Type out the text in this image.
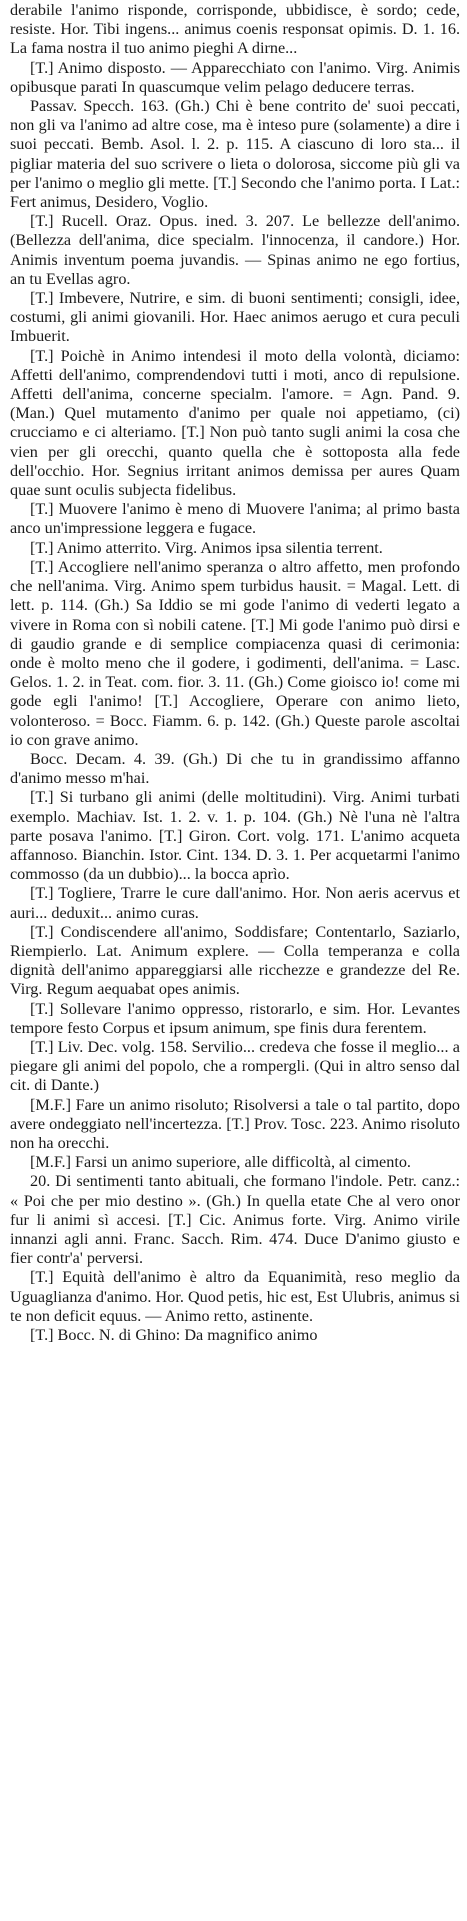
derabile l'animo risponde, corrisponde, ubbidisce, è sordo; cede, resiste. Hor. Tibi ingens... animus coenis responsat opimis. D. 1. 16. La fama nostra il tuo animo pieghi A dirne...

[T.] Animo disposto. — Apparecchiato con l'animo. Virg. Animis opibusque parati In quascumque velim pelago deducere terras.

Passav. Specch. 163. (Gh.) Chi è bene contrito de' suoi peccati, non gli va l'animo ad altre cose, ma è inteso pure (solamente) a dire i suoi peccati. Bemb. Asol. l. 2. p. 115. A ciascuno di loro sta... il pigliar materia del suo scrivere o lieta o dolorosa, siccome più gli va per l'animo o meglio gli mette. [T.] Secondo che l'animo porta. I Lat.: Fert animus, Desidero, Voglio.

[T.] Rucell. Oraz. Opus. ined. 3. 207. Le bellezze dell'animo. (Bellezza dell'anima, dice specialm. l'innocenza, il candore.) Hor. Animis inventum poema juvandis. — Spinas animo ne ego fortius, an tu Evellas agro.

[T.] Imbevere, Nutrire, e sim. di buoni sentimenti; consigli, idee, costumi, gli animi giovanili. Hor. Haec animos aerugo et cura peculi Imbuerit.

[T.] Poichè in Animo intendesi il moto della volontà, diciamo: Affetti dell'animo, comprendendovi tutti i moti, anco di repulsione. Affetti dell'anima, concerne specialm. l'amore. = Agn. Pand. 9. (Man.) Quel mutamento d'animo per quale noi appetiamo, (ci) crucciamo e ci alteriamo. [T.] Non può tanto sugli animi la cosa che vien per gli orecchi, quanto quella che è sottoposta alla fede dell'occhio. Hor. Segnius irritant animos demissa per aures Quam quae sunt oculis subjecta fidelibus.

[T.] Muovere l'animo è meno di Muovere l'anima; al primo basta anco un'impressione leggera e fugace.

[T.] Animo atterrito. Virg. Animos ipsa silentia terrent.

[T.] Accogliere nell'animo speranza o altro affetto, men profondo che nell'anima. Virg. Animo spem turbidus hausit. = Magal. Lett. di lett. p. 114. (Gh.) Sa Iddio se mi gode l'animo di vederti legato a vivere in Roma con sì nobili catene. [T.] Mi gode l'animo può dirsi e di gaudio grande e di semplice compiacenza quasi di cerimonia: onde è molto meno che il godere, i godimenti, dell'anima. = Lasc. Gelos. 1. 2. in Teat. com. fior. 3. 11. (Gh.) Come gioisco io! come mi gode egli l'animo! [T.] Accogliere, Operare con animo lieto, volonteroso. = Bocc. Fiamm. 6. p. 142. (Gh.) Queste parole ascoltai io con grave animo.

Bocc. Decam. 4. 39. (Gh.) Di che tu in grandissimo affanno d'animo messo m'hai.

[T.] Si turbano gli animi (delle moltitudini). Virg. Animi turbati exemplo. Machiav. Ist. 1. 2. v. 1. p. 104. (Gh.) Nè l'una nè l'altra parte posava l'animo. [T.] Giron. Cort. volg. 171. L'animo acqueta affannoso. Bianchin. Istor. Cint. 134. D. 3. 1. Per acquetarmi l'animo commosso (da un dubbio)... la bocca aprìo.

[T.] Togliere, Trarre le cure dall'animo. Hor. Non aeris acervus et auri... deduxit... animo curas.

[T.] Condiscendere all'animo, Soddisfare; Contentarlo, Saziarlo, Riempierlo. Lat. Animum explere. — Colla temperanza e colla dignità dell'animo appareggiarsi alle ricchezze e grandezze del Re. Virg. Regum aequabat opes animis.

[T.] Sollevare l'animo oppresso, ristorarlo, e sim. Hor. Levantes tempore festo Corpus et ipsum animum, spe finis dura ferentem.

[T.] Liv. Dec. volg. 158. Servilio... credeva che fosse il meglio... a piegare gli animi del popolo, che a rompergli. (Qui in altro senso dal cit. di Dante.)

[M.F.] Fare un animo risoluto; Risolversi a tale o tal partito, dopo avere ondeggiato nell'incertezza. [T.] Prov. Tosc. 223. Animo risoluto non ha orecchi.

[M.F.] Farsi un animo superiore, alle difficoltà, al cimento.

20. Di sentimenti tanto abituali, che formano l'indole. Petr. canz.: « Poi che per mio destino ». (Gh.) In quella etate Che al vero onor fur li animi sì accesi. [T.] Cic. Animus forte. Virg. Animo virile innanzi agli anni. Franc. Sacch. Rim. 474. Duce D'animo giusto e fier contr'a' perversi.

[T.] Equità dell'animo è altro da Equanimità, reso meglio da Uguaglianza d'animo. Hor. Quod petis, hic est, Est Ulubris, animus si te non deficit equus. — Animo retto, astinente.

[T.] Bocc. N. di Ghino: Da magnifico animo
